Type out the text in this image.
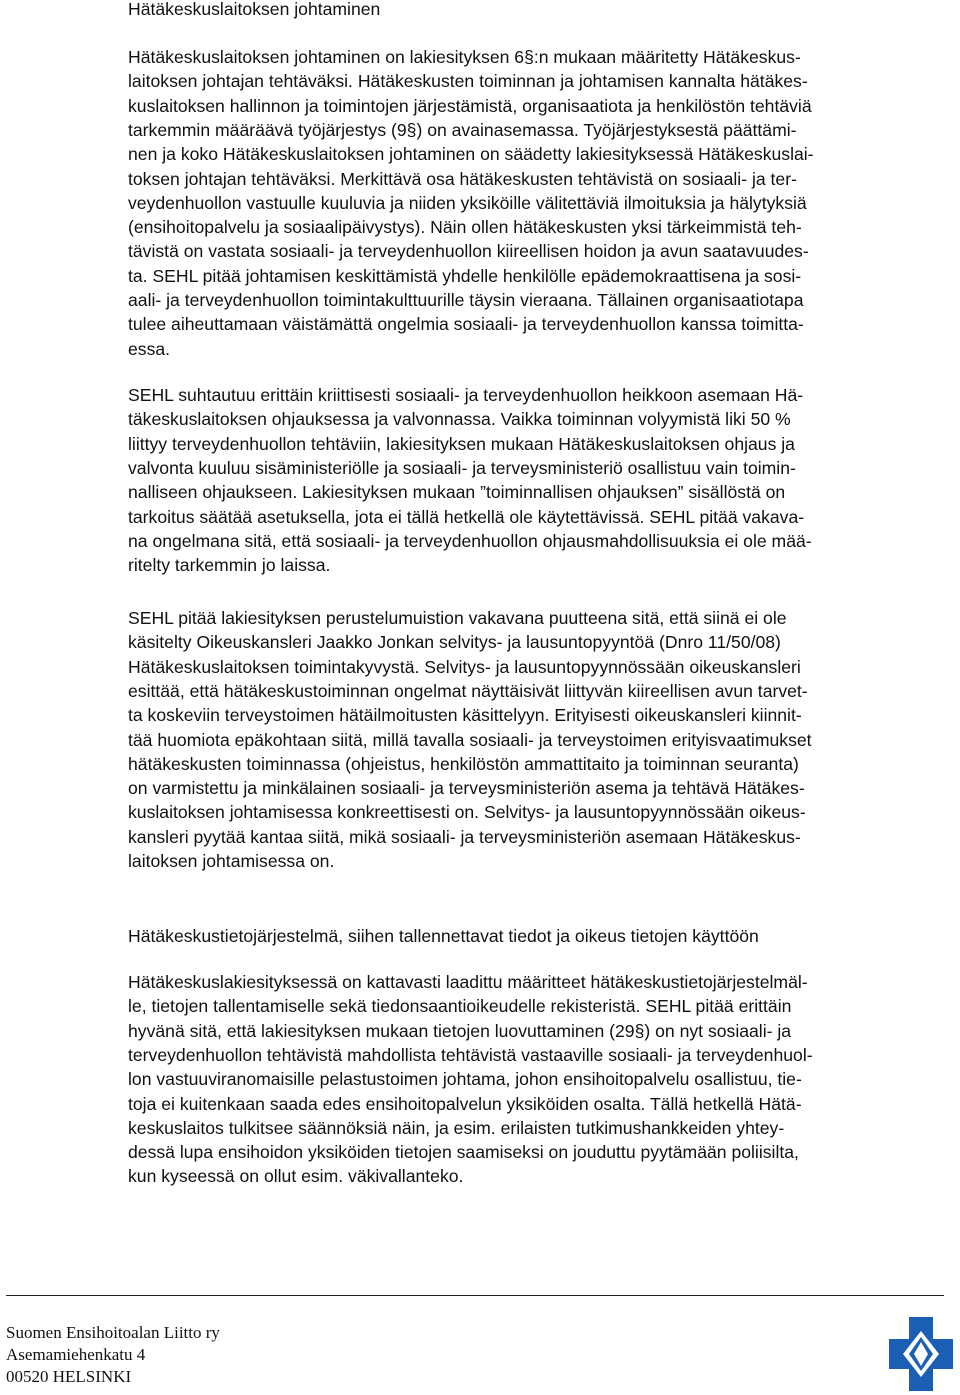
Hätäkeskuslaitoksen johtaminen
Hätäkeskuslaitoksen johtaminen on lakiesityksen 6§:n mukaan määritetty Hätäkeskus-
laitoksen johtajan tehtäväksi. Hätäkeskusten toiminnan ja johtamisen kannalta hätäkes-
kuslaitoksen hallinnon ja toimintojen järjestämistä, organisaatiota ja henkilöstön tehtäviä
tarkemmin määräävä työjärjestys (9§) on avainasemassa. Työjärjestyksestä päättämi-
nen ja koko Hätäkeskuslaitoksen johtaminen on säädetty lakiesityksessä Hätäkeskuslai-
toksen johtajan tehtäväksi. Merkittävä osa hätäkeskusten tehtävistä on sosiaali- ja ter-
veydenhuollon vastuulle kuuluvia ja niiden yksiköille välitettäviä ilmoituksia ja hälytyksiä
(ensihoitopalvelu ja sosiaalipäivystys). Näin ollen hätäkeskusten yksi tärkeimmistä teh-
tävistä on vastata sosiaali- ja terveydenhuollon kiireellisen hoidon ja avun saatavuudes-
ta. SEHL pitää johtamisen keskittämistä yhdelle henkilölle epädemokraattisena ja sosi-
aali- ja terveydenhuollon toimintakulttuurille täysin vieraana. Tällainen organisaatiotapa
tulee aiheuttamaan väistämättä ongelmia sosiaali- ja terveydenhuollon kanssa toimitta-
essa.
SEHL suhtautuu erittäin kriittisesti sosiaali- ja terveydenhuollon heikkoon asemaan Hä-
täkeskuslaitoksen ohjauksessa ja valvonnassa. Vaikka toiminnan volyymistä liki 50 %
liittyy terveydenhuollon tehtäviin, lakiesityksen mukaan Hätäkeskuslaitoksen ohjaus ja
valvonta kuuluu sisäministeriölle ja sosiaali- ja terveysministeriö osallistuu vain toimin-
nalliseen ohjaukseen. Lakiesityksen mukaan ”toiminnallisen ohjauksen” sisällöstä on
tarkoitus säätää asetuksella, jota ei tällä hetkellä ole käytettävissä. SEHL pitää vakava-
na ongelmana sitä, että sosiaali- ja terveydenhuollon ohjausmahdollisuuksia ei ole mää-
ritelty tarkemmin jo laissa.
SEHL pitää lakiesityksen perustelumuistion vakavana puutteena sitä, että siinä ei ole
käsitelty Oikeuskansleri Jaakko Jonkan selvitys- ja lausuntopyyntöä (Dnro 11/50/08)
Hätäkeskuslaitoksen toimintakyvystä. Selvitys- ja lausuntopyynnössään oikeuskansleri
esittää, että hätäkeskustoiminnan ongelmat näyttäisivät liittyvän kiireellisen avun tarvet-
ta koskeviin terveystoimen hätäilmoitusten käsittelyyn. Erityisesti oikeuskansleri kiinnit-
tää huomiota epäkohtaan siitä, millä tavalla sosiaali- ja terveystoimen erityisvaatimukset
hätäkeskusten toiminnassa (ohjeistus, henkilöstön ammattitaito ja toiminnan seuranta)
on varmistettu ja minkälainen sosiaali- ja terveysministeriön asema ja tehtävä Hätäkes-
kuslaitoksen johtamisessa konkreettisesti on. Selvitys- ja lausuntopyynnössään oikeus-
kansleri pyytää kantaa siitä, mikä sosiaali- ja terveysministeriön asemaan Hätäkeskus-
laitoksen johtamisessa on.
Hätäkeskustietojärjestelmä, siihen tallennettavat tiedot ja oikeus tietojen käyttöön
Hätäkeskuslakiesityksessä on kattavasti laadittu määritteet hätäkeskustietojärjestelmäl-
le, tietojen tallentamiselle sekä tiedonsaantioikeudelle rekisteristä. SEHL pitää erittäin
hyvänä sitä, että lakiesityksen mukaan tietojen luovuttaminen (29§) on nyt sosiaali- ja
terveydenhuollon tehtävistä mahdollista tehtävistä vastaaville sosiaali- ja terveydenhuol-
lon vastuuviranomaisille pelastustoimen johtama, johon ensihoitopalvelu osallistuu, tie-
toja ei kuitenkaan saada edes ensihoitopalvelun yksiköiden osalta. Tällä hetkellä Hätä-
keskuslaitos tulkitsee säännöksiä näin, ja esim. erilaisten tutkimushankkeiden yhtey-
dessä lupa ensihoidon yksiköiden tietojen saamiseksi on jouduttu pyytämään poliisilta,
kun kyseessä on ollut esim. väkivallanteko.
Suomen Ensihoitoalan Liitto ry
Asemamiehenkatu 4
00520 HELSINKI
